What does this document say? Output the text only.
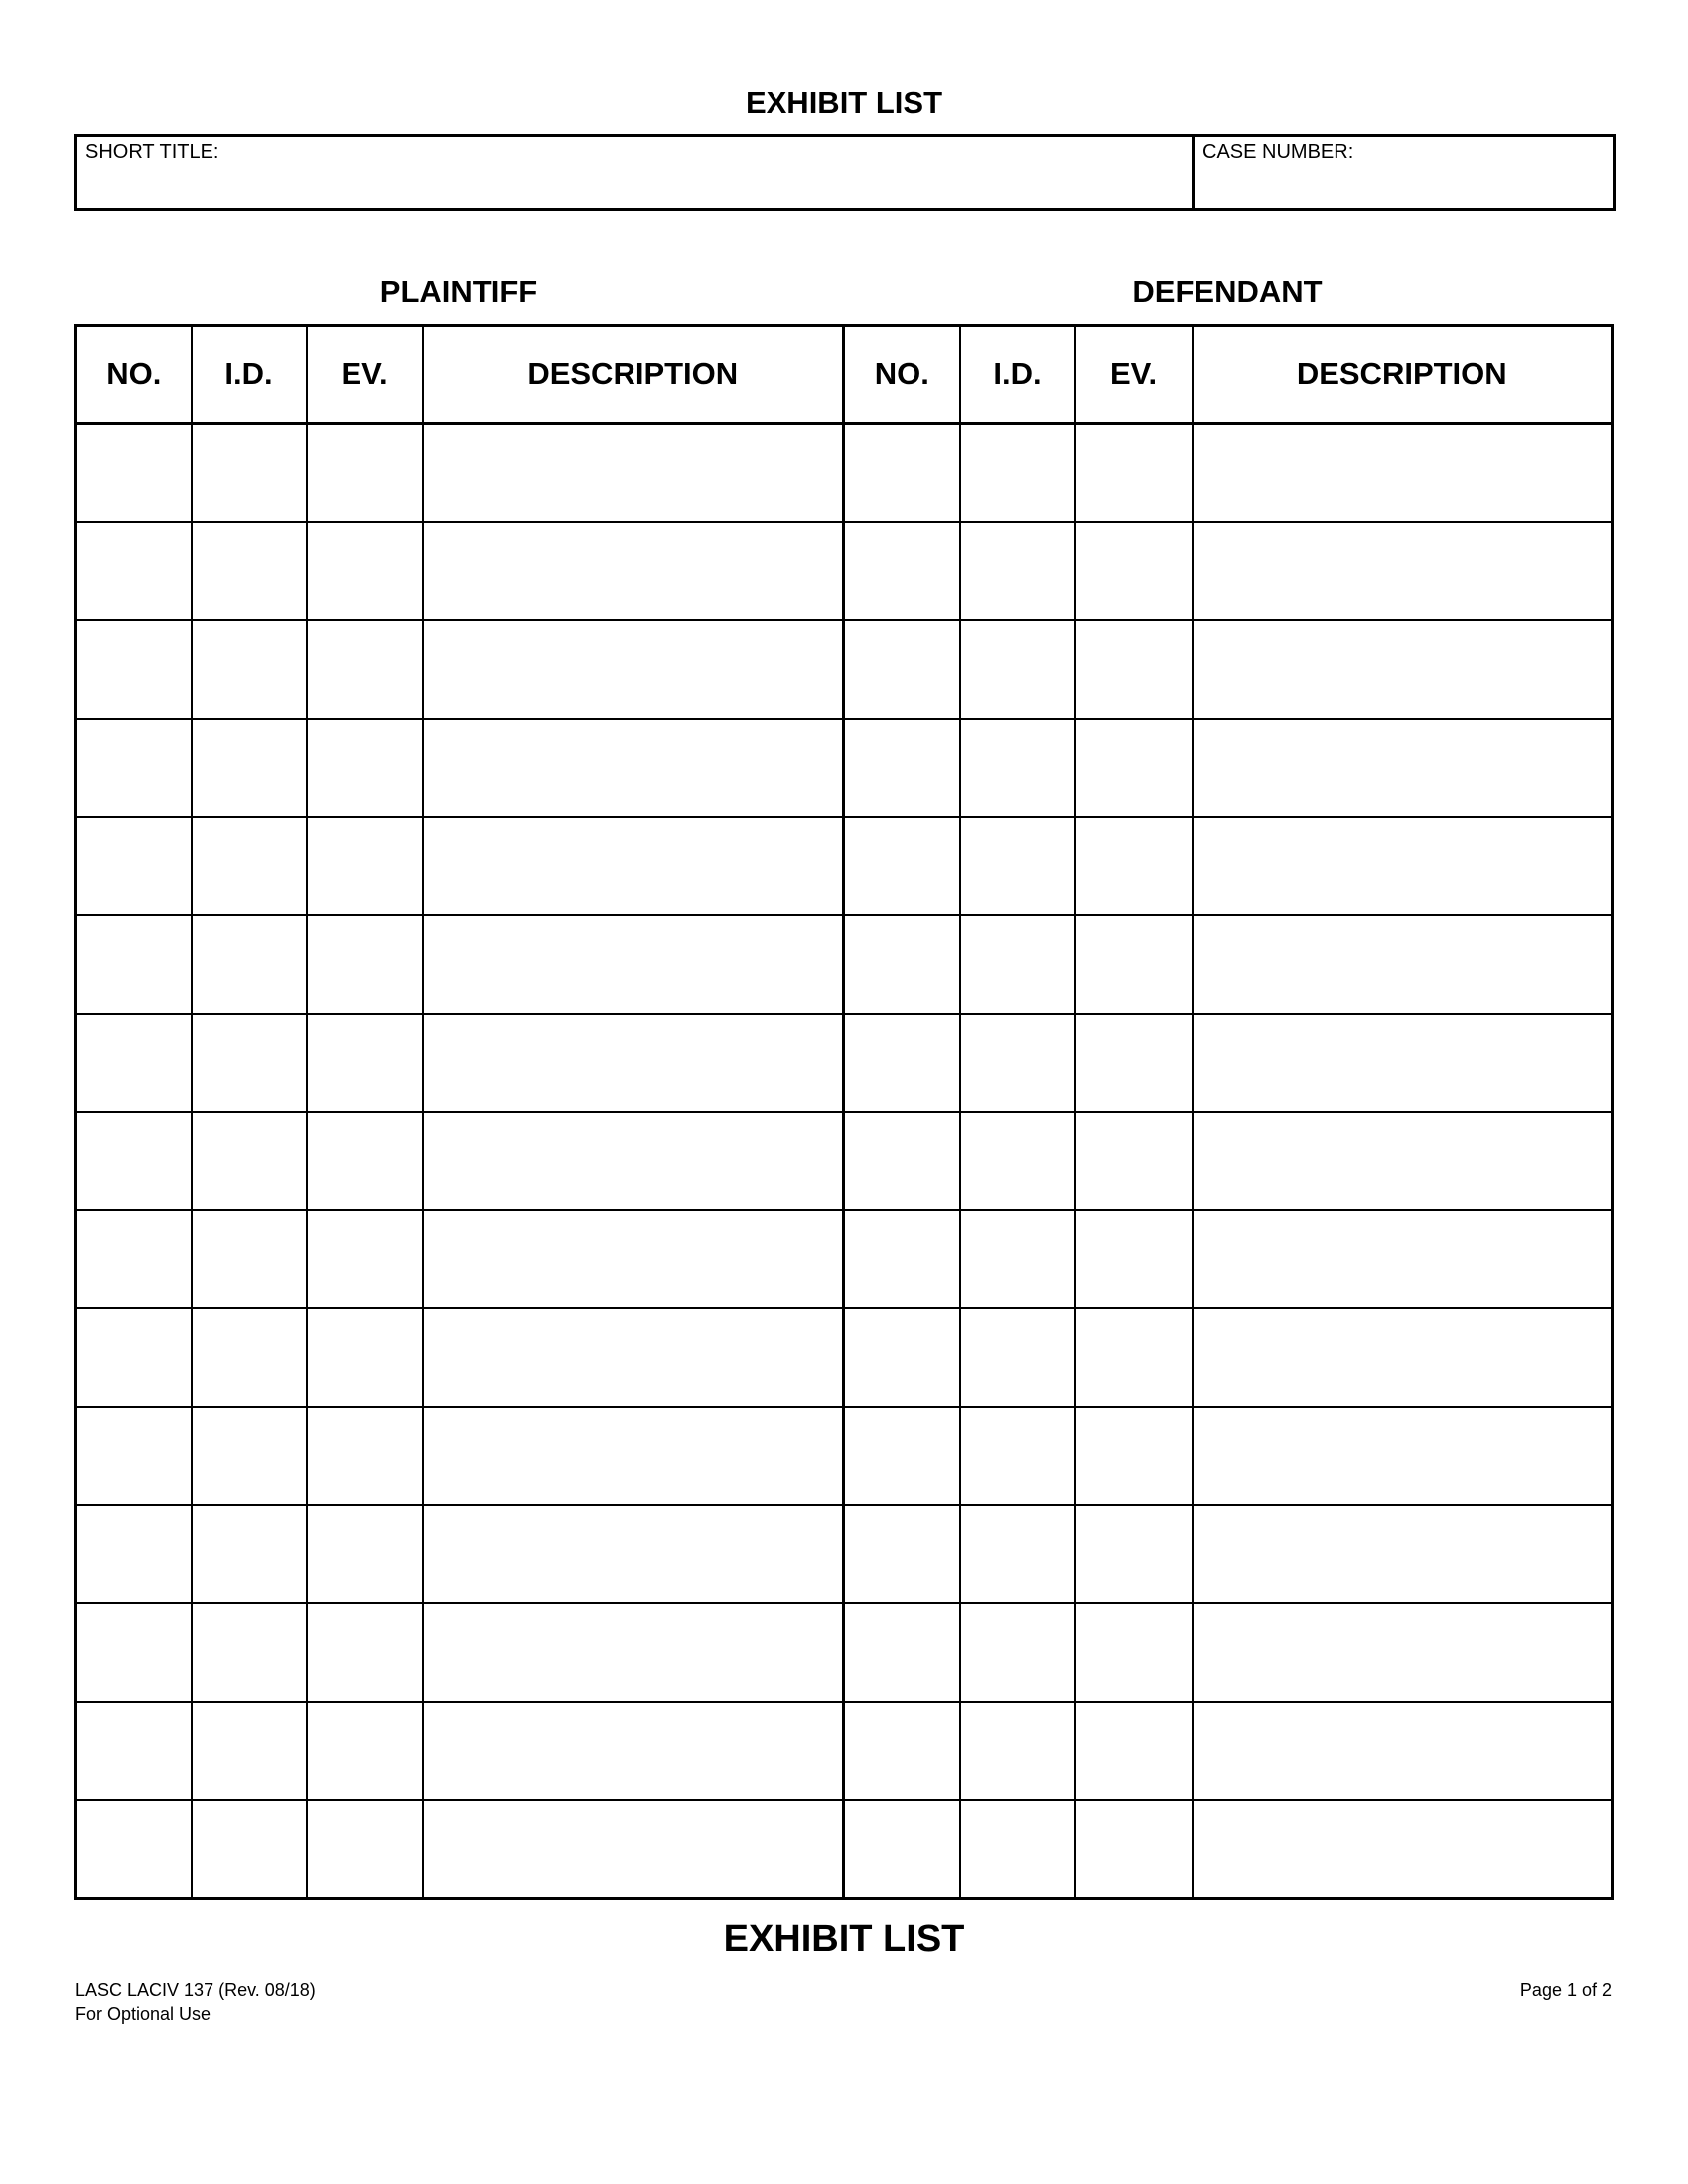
EXHIBIT LIST
SHORT TITLE:	CASE NUMBER:
PLAINTIFF	DEFENDANT
NO.	I.D.	EV.	DESCRIPTION	NO.	I.D.	EV.	DESCRIPTION

EXHIBIT LIST
LASC LACIV 137 (Rev. 08/18)
For Optional Use
Page 1 of 2
